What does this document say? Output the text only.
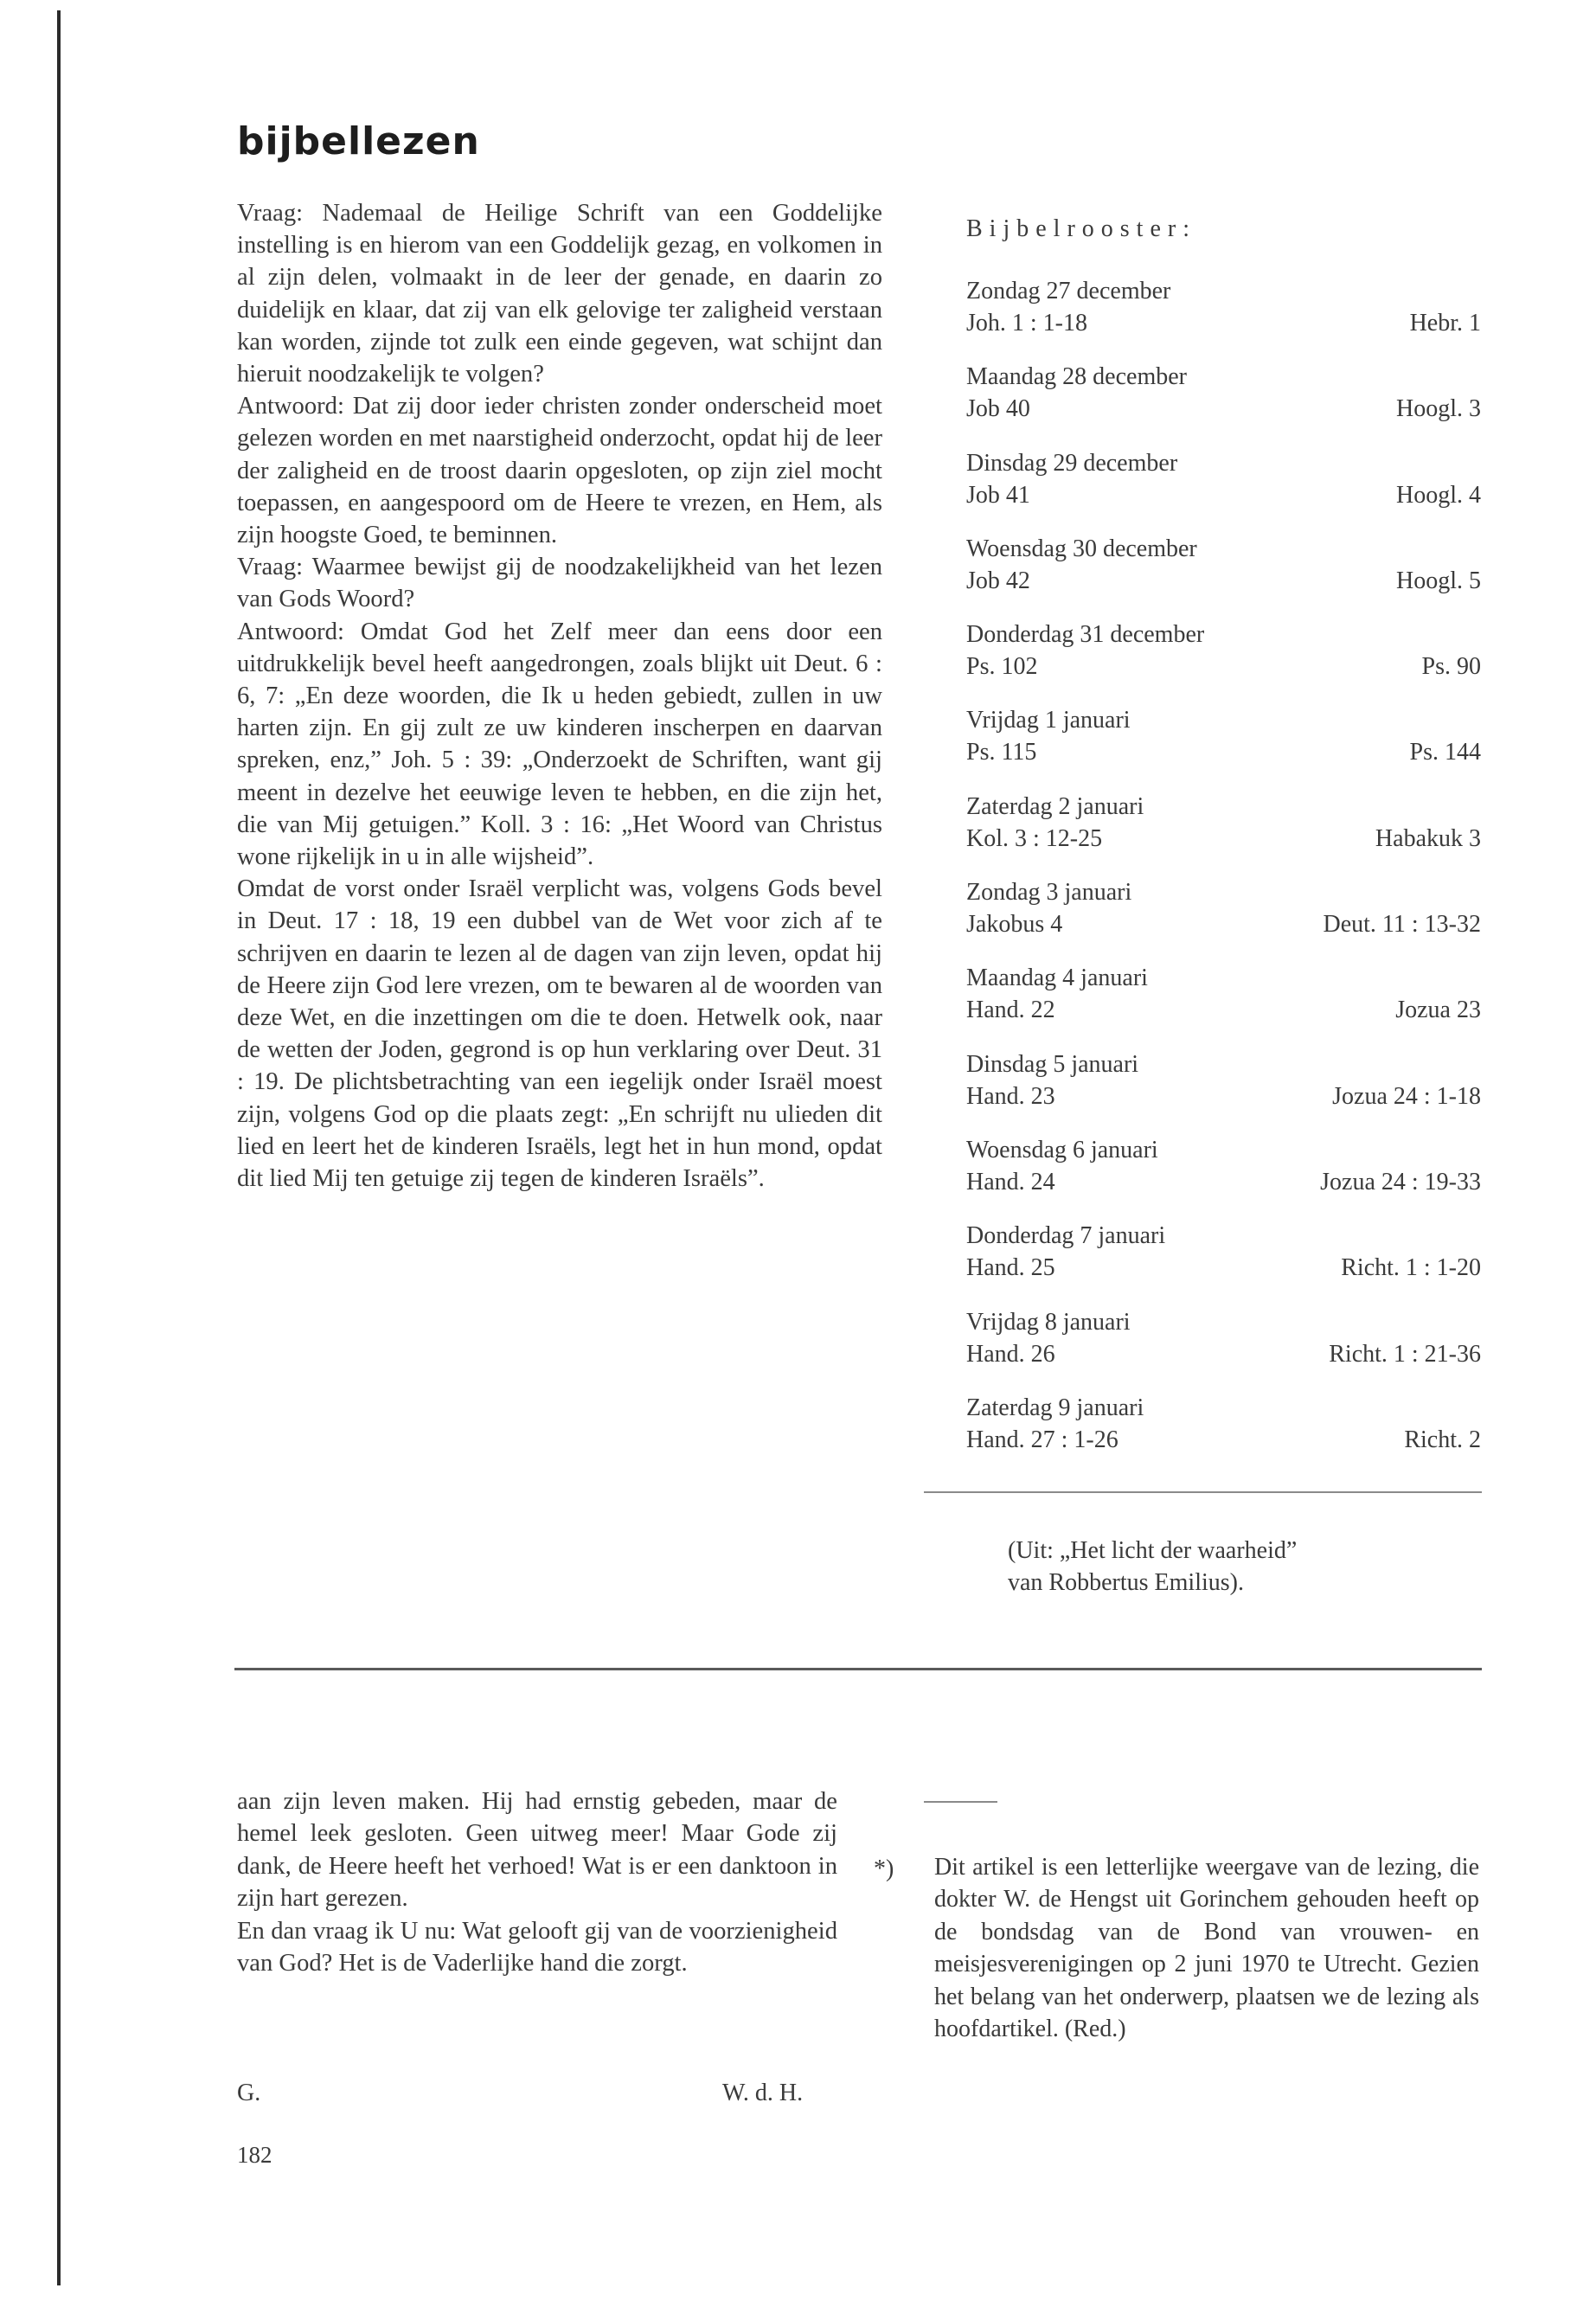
bijbellezen

Vraag: Nademaal de Heilige Schrift van een Goddelijke instelling is en hierom van een Goddelijk gezag, en volkomen in al zijn delen, volmaakt in de leer der genade, en daarin zo duidelijk en klaar, dat zij van elk gelovige ter zaligheid verstaan kan worden, zijnde tot zulk een einde gegeven, wat schijnt dan hieruit noodzakelijk te volgen?

Antwoord: Dat zij door ieder christen zonder onderscheid moet gelezen worden en met naarstigheid onderzocht, opdat hij de leer der zaligheid en de troost daarin opgesloten, op zijn ziel mocht toepassen, en aangespoord om de Heere te vrezen, en Hem, als zijn hoogste Goed, te beminnen.

Vraag: Waarmee bewijst gij de noodzakelijkheid van het lezen van Gods Woord?

Antwoord: Omdat God het Zelf meer dan eens door een uitdrukkelijk bevel heeft aangedrongen, zoals blijkt uit Deut. 6 : 6, 7: „En deze woorden, die Ik u heden gebiedt, zullen in uw harten zijn. En gij zult ze uw kinderen inscherpen en daarvan spreken, enz,” Joh. 5 : 39: „Onderzoekt de Schriften, want gij meent in dezelve het eeuwige leven te hebben, en die zijn het, die van Mij getuigen.” Koll. 3 : 16: „Het Woord van Christus wone rijkelijk in u in alle wijsheid”.

Omdat de vorst onder Israël verplicht was, volgens Gods bevel in Deut. 17 : 18, 19 een dubbel van de Wet voor zich af te schrijven en daarin te lezen al de dagen van zijn leven, opdat hij de Heere zijn God lere vrezen, om te bewaren al de woorden van deze Wet, en die inzettingen om die te doen. Hetwelk ook, naar de wetten der Joden, gegrond is op hun verklaring over Deut. 31 : 19. De plichtsbetrachting van een iegelijk onder Israël moest zijn, volgens God op die plaats zegt: „En schrijft nu ulieden dit lied en leert het de kinderen Israëls, legt het in hun mond, opdat dit lied Mij ten getuige zij tegen de kinderen Israëls”.

Bijbelrooster:
Zondag 27 december
Joh. 1 : 1-18	Hebr. 1
Maandag 28 december
Job 40	Hoogl. 3
Dinsdag 29 december
Job 41	Hoogl. 4
Woensdag 30 december
Job 42	Hoogl. 5
Donderdag 31 december
Ps. 102	Ps. 90
Vrijdag 1 januari
Ps. 115	Ps. 144
Zaterdag 2 januari
Kol. 3 : 12-25	Habakuk 3
Zondag 3 januari
Jakobus 4	Deut. 11 : 13-32
Maandag 4 januari
Hand. 22	Jozua 23
Dinsdag 5 januari
Hand. 23	Jozua 24 : 1-18
Woensdag 6 januari
Hand. 24	Jozua 24 : 19-33
Donderdag 7 januari
Hand. 25	Richt. 1 : 1-20
Vrijdag 8 januari
Hand. 26	Richt. 1 : 21-36
Zaterdag 9 januari
Hand. 27 : 1-26	Richt. 2
(Uit: „Het licht der waarheid”
van Robbertus Emilius).

aan zijn leven maken. Hij had ernstig gebeden, maar de hemel leek gesloten. Geen uitweg meer! Maar Gode zij dank, de Heere heeft het verhoed! Wat is er een danktoon in zijn hart gerezen.

En dan vraag ik U nu: Wat gelooft gij van de voorzienigheid van God? Het is de Vaderlijke hand die zorgt.

G.	W. d. H.
182
*) Dit artikel is een letterlijke weergave van de lezing, die dokter W. de Hengst uit Gorinchem gehouden heeft op de bondsdag van de Bond van vrouwen- en meisjesverenigingen op 2 juni 1970 te Utrecht. Gezien het belang van het onderwerp, plaatsen we de lezing als hoofdartikel. (Red.)
